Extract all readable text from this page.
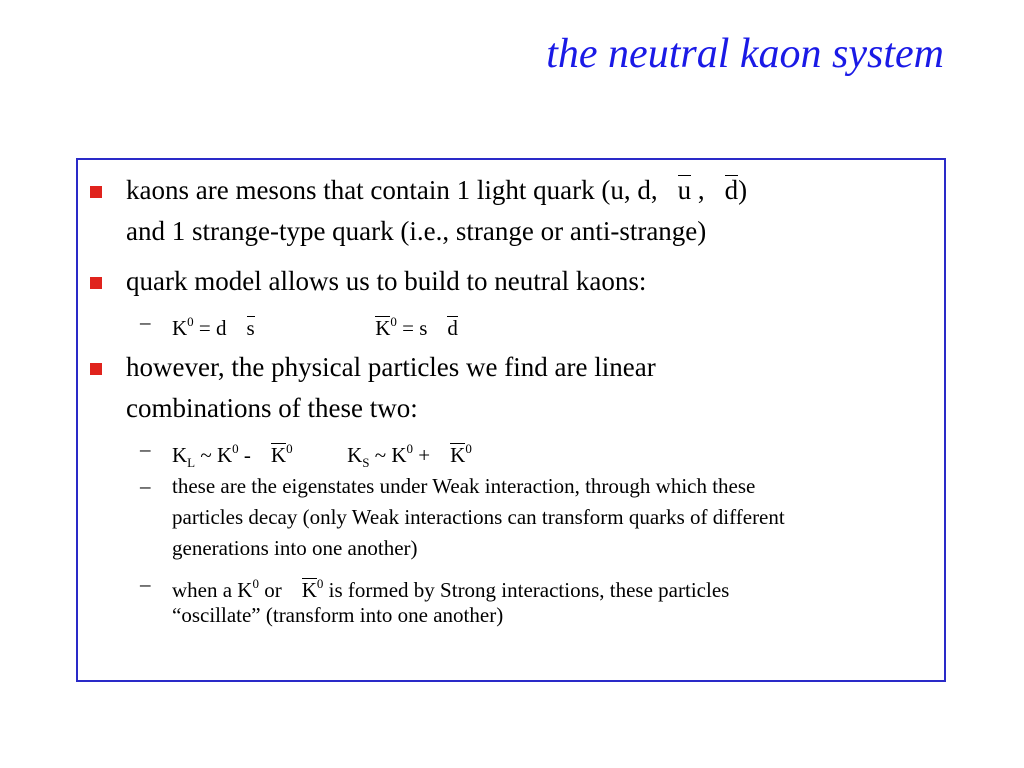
the neutral kaon system
kaons are mesons that contain 1 light quark (u, d, u , d)
and 1 strange-type quark (i.e., strange or anti-strange)
quark model allows us to build to neutral kaons:
– $K^0 = d$ s	$K^0 = s$ d
however, the physical particles we find are linear
combinations of these two:
– $K_L$ ~ $K^0 - K^0$	$K_S$ ~ $K^0 + K^0$
– these are the eigenstates under Weak interaction, through which these
particles decay (only Weak interactions can transform quarks of different
generations into one another)
– when a $K^0$ or $K^0$ is formed by Strong interactions, these particles
“oscillate” (transform into one another)
